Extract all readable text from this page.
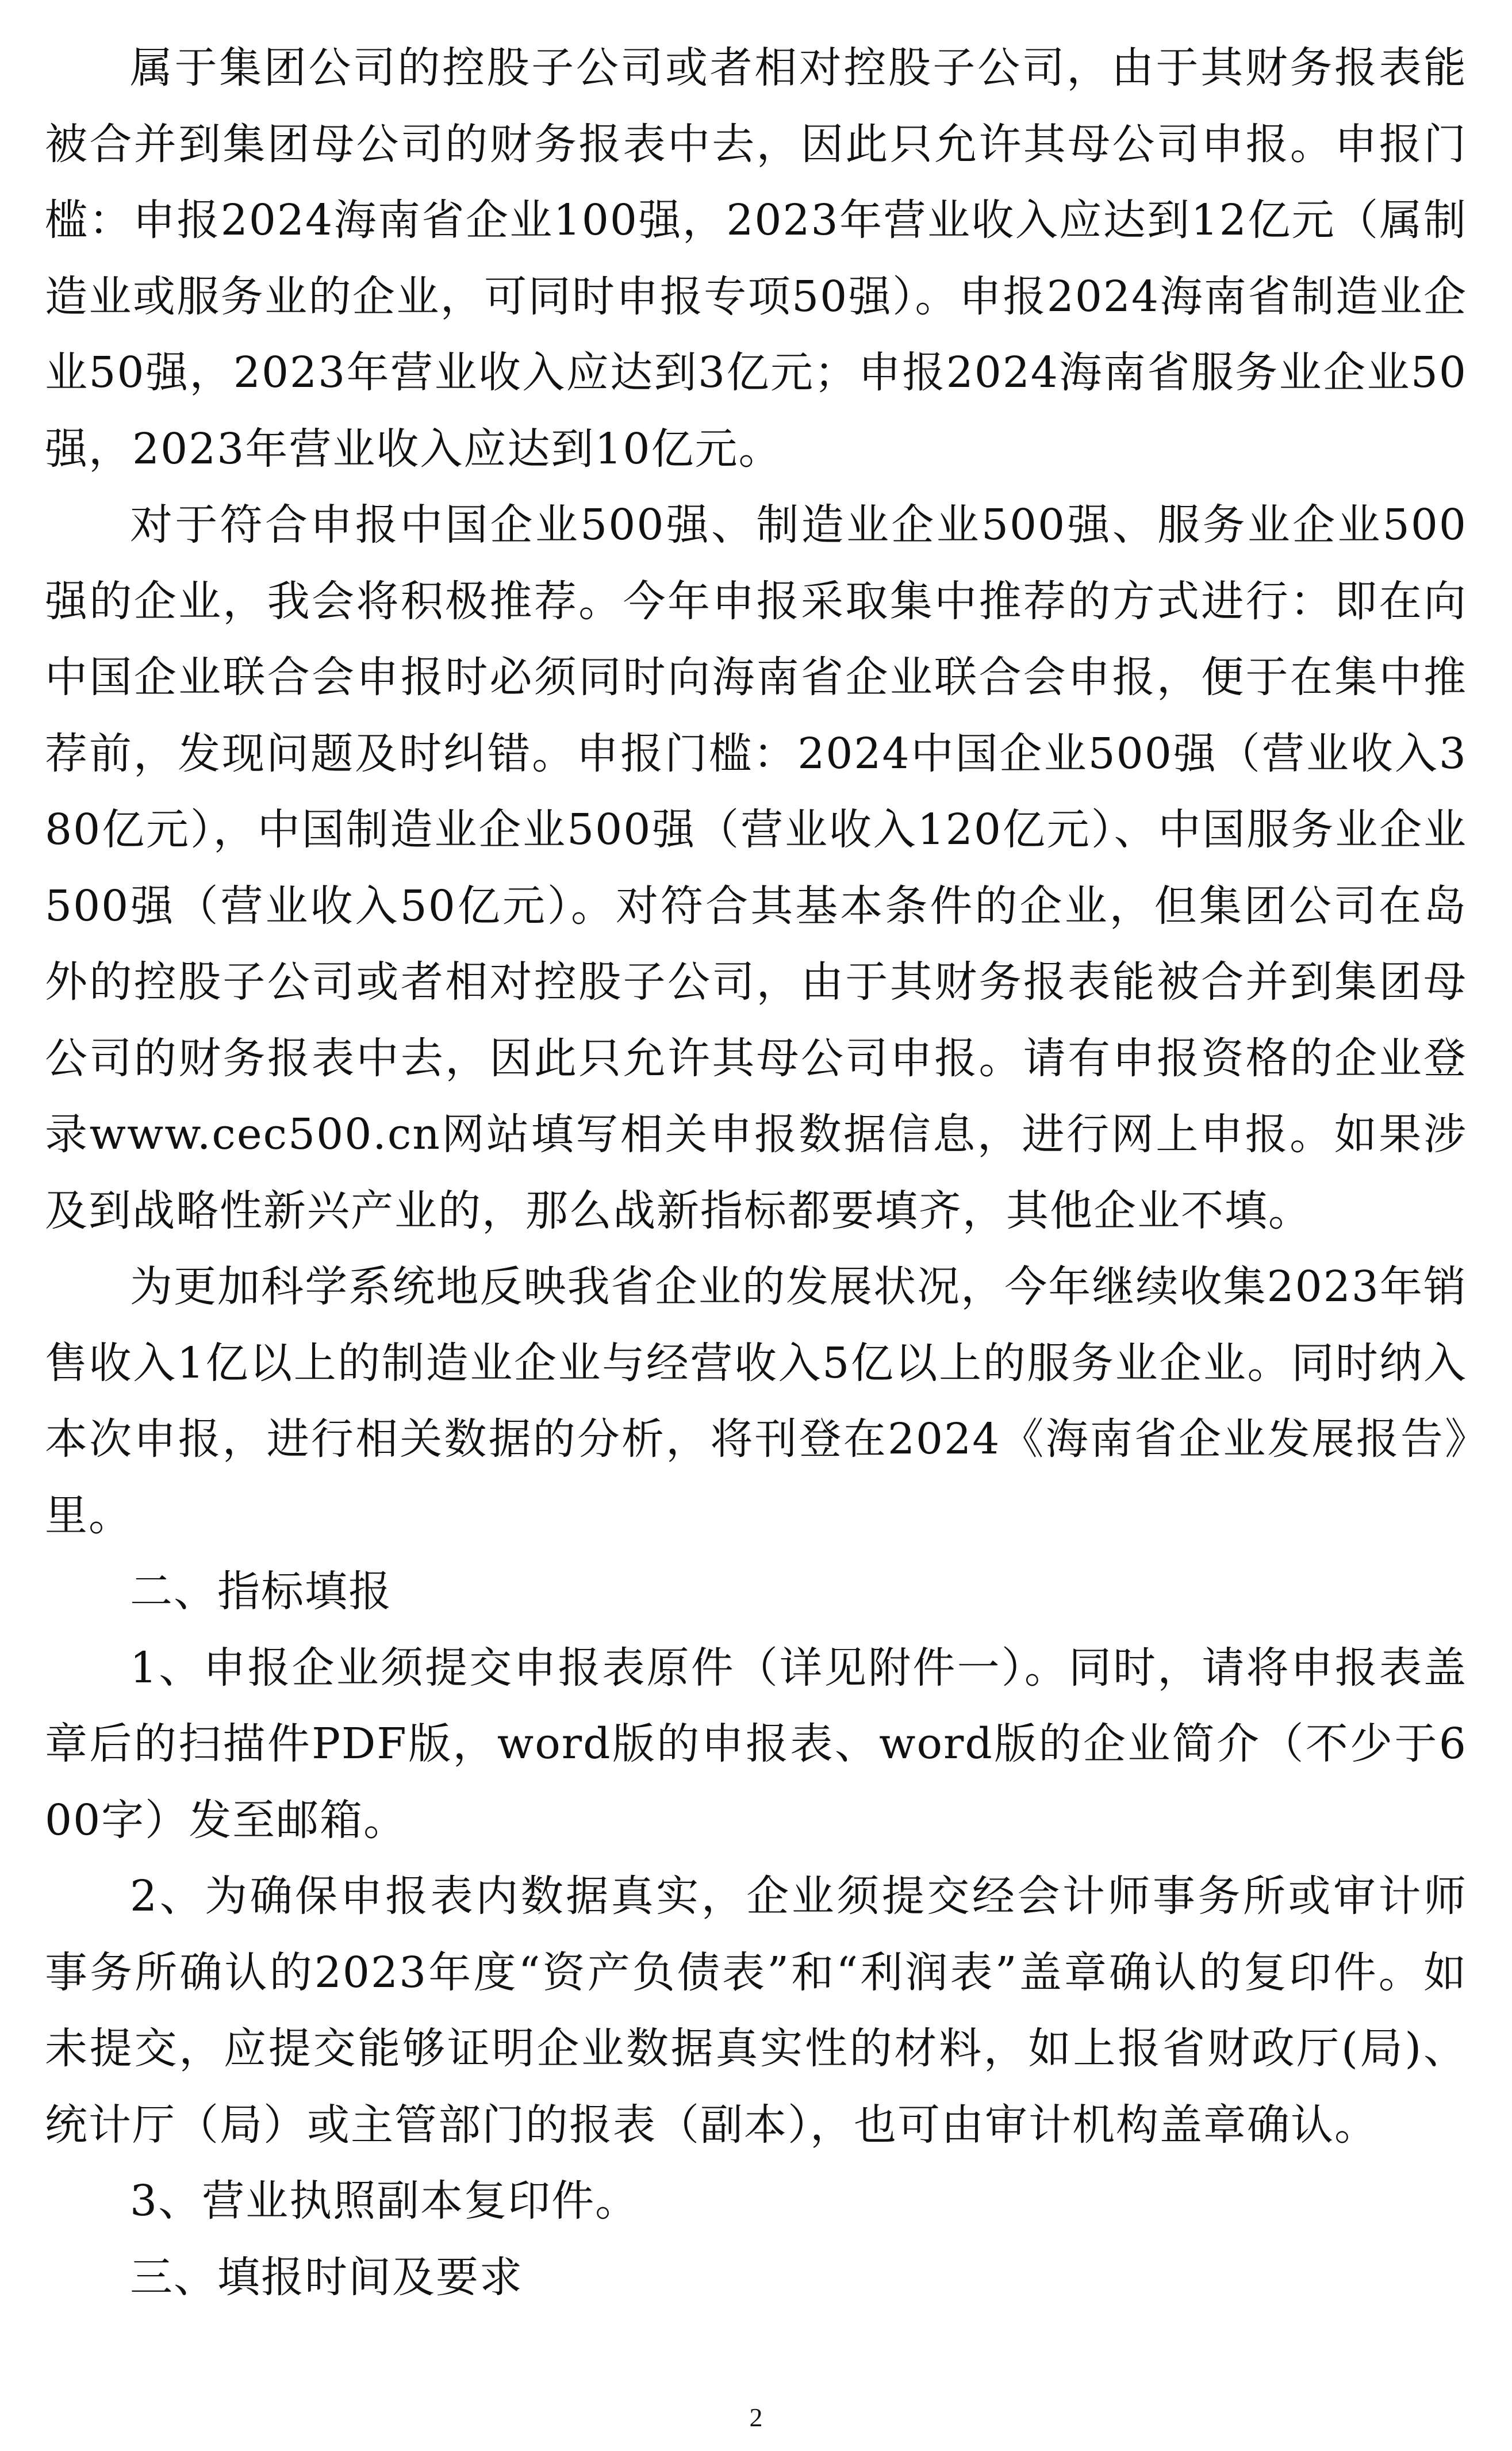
属于集团公司的控股子公司或者相对控股子公司，由于其财务报表能被合并到集团母公司的财务报表中去，因此只允许其母公司申报。申报门槛：申报2024海南省企业100强，2023年营业收入应达到12亿元（属制造业或服务业的企业，可同时申报专项50强）。申报2024海南省制造业企业50强，2023年营业收入应达到3亿元；申报2024海南省服务业企业50强，2023年营业收入应达到10亿元。

对于符合申报中国企业500强、制造业企业500强、服务业企业500强的企业，我会将积极推荐。今年申报采取集中推荐的方式进行：即在向中国企业联合会申报时必须同时向海南省企业联合会申报，便于在集中推荐前，发现问题及时纠错。申报门槛：2024中国企业500强（营业收入380亿元），中国制造业企业500强（营业收入120亿元）、中国服务业企业500强（营业收入50亿元）。对符合其基本条件的企业，但集团公司在岛外的控股子公司或者相对控股子公司，由于其财务报表能被合并到集团母公司的财务报表中去，因此只允许其母公司申报。请有申报资格的企业登录www.cec500.cn网站填写相关申报数据信息，进行网上申报。如果涉及到战略性新兴产业的，那么战新指标都要填齐，其他企业不填。

为更加科学系统地反映我省企业的发展状况，今年继续收集2023年销售收入1亿以上的制造业企业与经营收入5亿以上的服务业企业。同时纳入本次申报，进行相关数据的分析，将刊登在2024《海南省企业发展报告》里。

二、指标填报

1、申报企业须提交申报表原件（详见附件一）。同时，请将申报表盖章后的扫描件PDF版，word版的申报表、word版的企业简介（不少于600字）发至邮箱。

2、为确保申报表内数据真实，企业须提交经会计师事务所或审计师事务所确认的2023年度“资产负债表”和“利润表”盖章确认的复印件。如未提交，应提交能够证明企业数据真实性的材料，如上报省财政厅(局)、统计厅（局）或主管部门的报表（副本），也可由审计机构盖章确认。

3、营业执照副本复印件。

三、填报时间及要求

2
